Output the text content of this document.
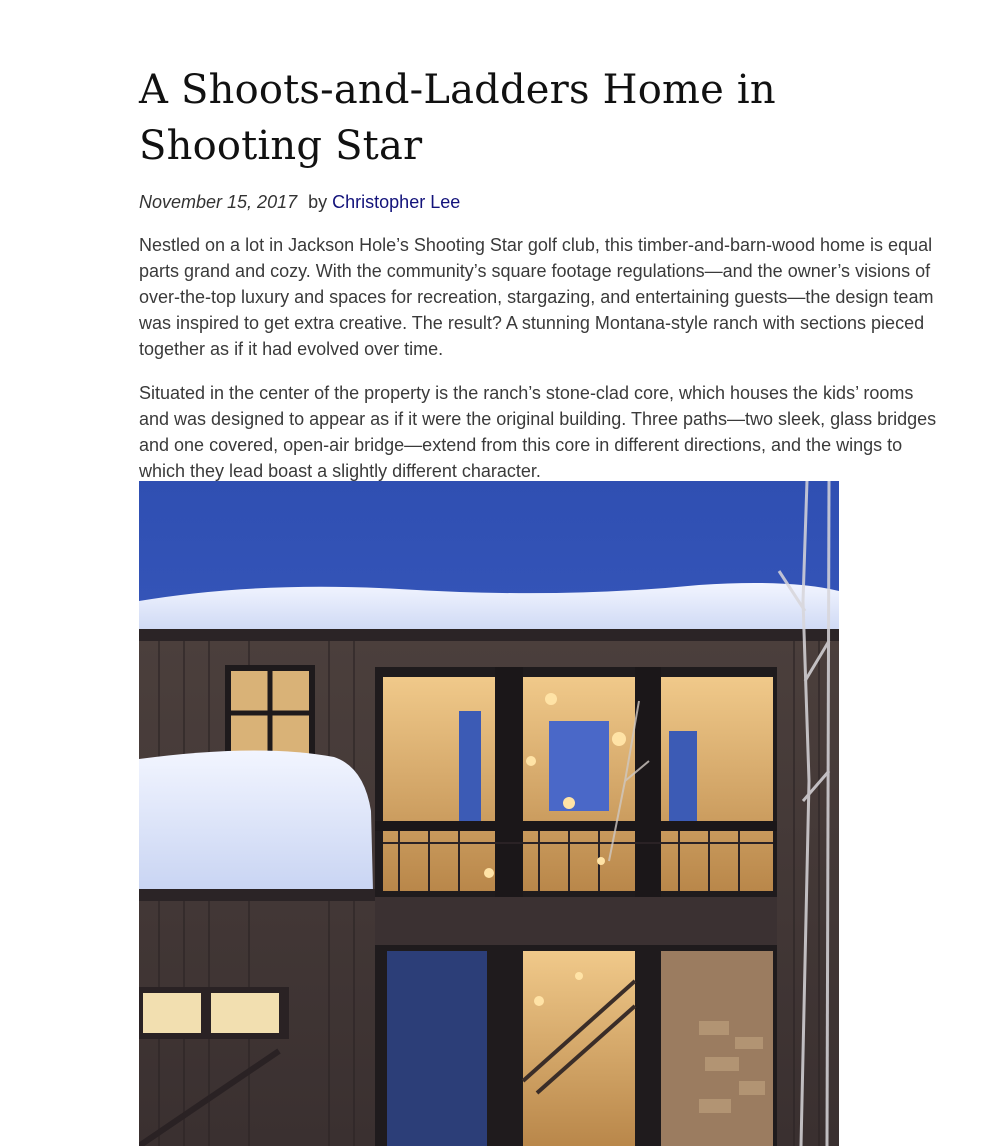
A Shoots-and-Ladders Home in Shooting Star
November 15, 2017 by Christopher Lee

Nestled on a lot in Jackson Hole’s Shooting Star golf club, this timber-and-barn-wood home is equal parts grand and cozy. With the community’s square footage regulations—and the owner’s visions of over-the-top luxury and spaces for recreation, stargazing, and entertaining guests—the design team was inspired to get extra creative. The result? A stunning Montana-style ranch with sections pieced together as if it had evolved over time.

Situated in the center of the property is the ranch’s stone-clad core, which houses the kids’ rooms and was designed to appear as if it were the original building. Three paths—two sleek, glass bridges and one covered, open-air bridge—extend from this core in different directions, and the wings to which they lead boast a slightly different character.
